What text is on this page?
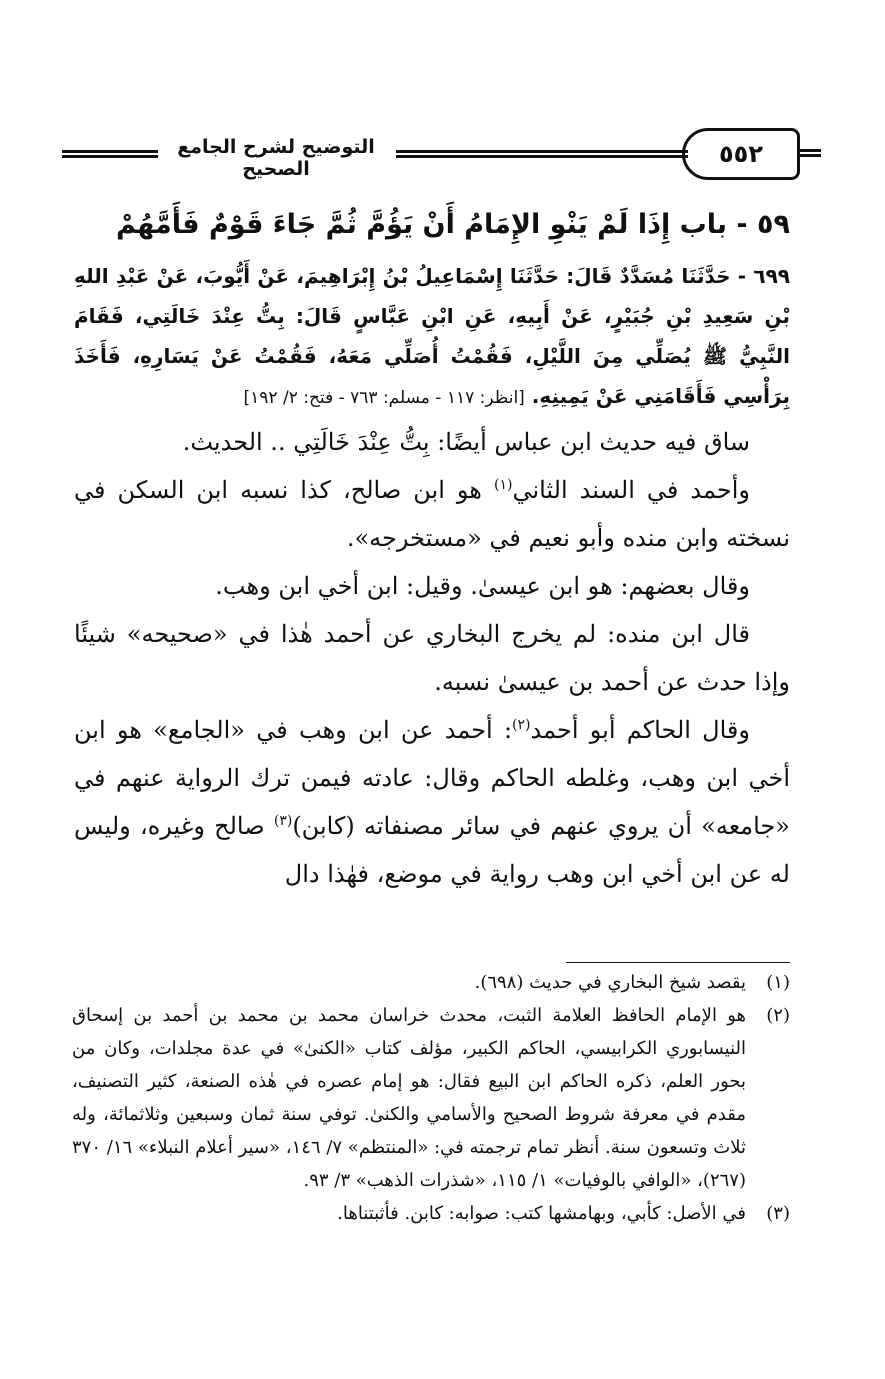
التوضيح لشرح الجامع الصحيح
٥٥٢
٥٩ - باب إِذَا لَمْ يَنْوِ الإِمَامُ أَنْ يَؤُمَّ ثُمَّ جَاءَ قَوْمٌ فَأَمَّهُمْ

٦٩٩ - حَدَّثَنَا مُسَدَّدٌ قَالَ: حَدَّثَنَا إِسْمَاعِيلُ بْنُ إِبْرَاهِيمَ، عَنْ أَيُّوبَ، عَنْ عَبْدِ اللهِ بْنِ سَعِيدِ بْنِ جُبَيْرٍ، عَنْ أَبِيهِ، عَنِ ابْنِ عَبَّاسٍ قَالَ: بِتُّ عِنْدَ خَالَتِي، فَقَامَ النَّبِيُّ ﷺ يُصَلِّي مِنَ اللَّيْلِ، فَقُمْتُ أُصَلِّي مَعَهُ، فَقُمْتُ عَنْ يَسَارِهِ، فَأَخَذَ بِرَأْسِي فَأَقَامَنِي عَنْ يَمِينِهِ. [انظر: ١١٧ - مسلم: ٧٦٣ - فتح: ٢/ ١٩٢]

ساق فيه حديث ابن عباس أيضًا: بِتُّ عِنْدَ خَالَتِي .. الحديث.

وأحمد في السند الثاني$^{(١)}$ هو ابن صالح، كذا نسبه ابن السكن في نسخته وابن منده وأبو نعيم في «مستخرجه».

وقال بعضهم: هو ابن عيسىٰ. وقيل: ابن أخي ابن وهب.

قال ابن منده: لم يخرج البخاري عن أحمد هٰذا في «صحيحه» شيئًا وإذا حدث عن أحمد بن عيسىٰ نسبه.

وقال الحاكم أبو أحمد$^{(٢)}$: أحمد عن ابن وهب في «الجامع» هو ابن أخي ابن وهب، وغلطه الحاكم وقال: عادته فيمن ترك الرواية عنهم في «جامعه» أن يروي عنهم في سائر مصنفاته (كابن)$^{(٣)}$ صالح وغيره، وليس له عن ابن أخي ابن وهب رواية في موضع، فهٰذا دال

(١)
يقصد شيخ البخاري في حديث (٦٩٨).
(٢)
هو الإمام الحافظ العلامة الثبت، محدث خراسان محمد بن محمد بن أحمد بن إسحاق النيسابوري الكرابيسي، الحاكم الكبير، مؤلف كتاب «الكنىٰ» في عدة مجلدات، وكان من بحور العلم، ذكره الحاكم ابن البيع فقال: هو إمام عصره في هٰذه الصنعة، كثير التصنيف، مقدم في معرفة شروط الصحيح والأسامي والكنىٰ. توفي سنة ثمان وسبعين وثلاثمائة، وله ثلاث وتسعون سنة. أنظر تمام ترجمته في: «المنتظم» ٧/ ١٤٦، «سير أعلام النبلاء» ١٦/ ٣٧٠ (٢٦٧)، «الوافي بالوفيات» ١/ ١١٥، «شذرات الذهب» ٣/ ٩٣.
(٣)
في الأصل: كأبي، وبهامشها كتب: صوابه: كابن. فأثبتناها.
